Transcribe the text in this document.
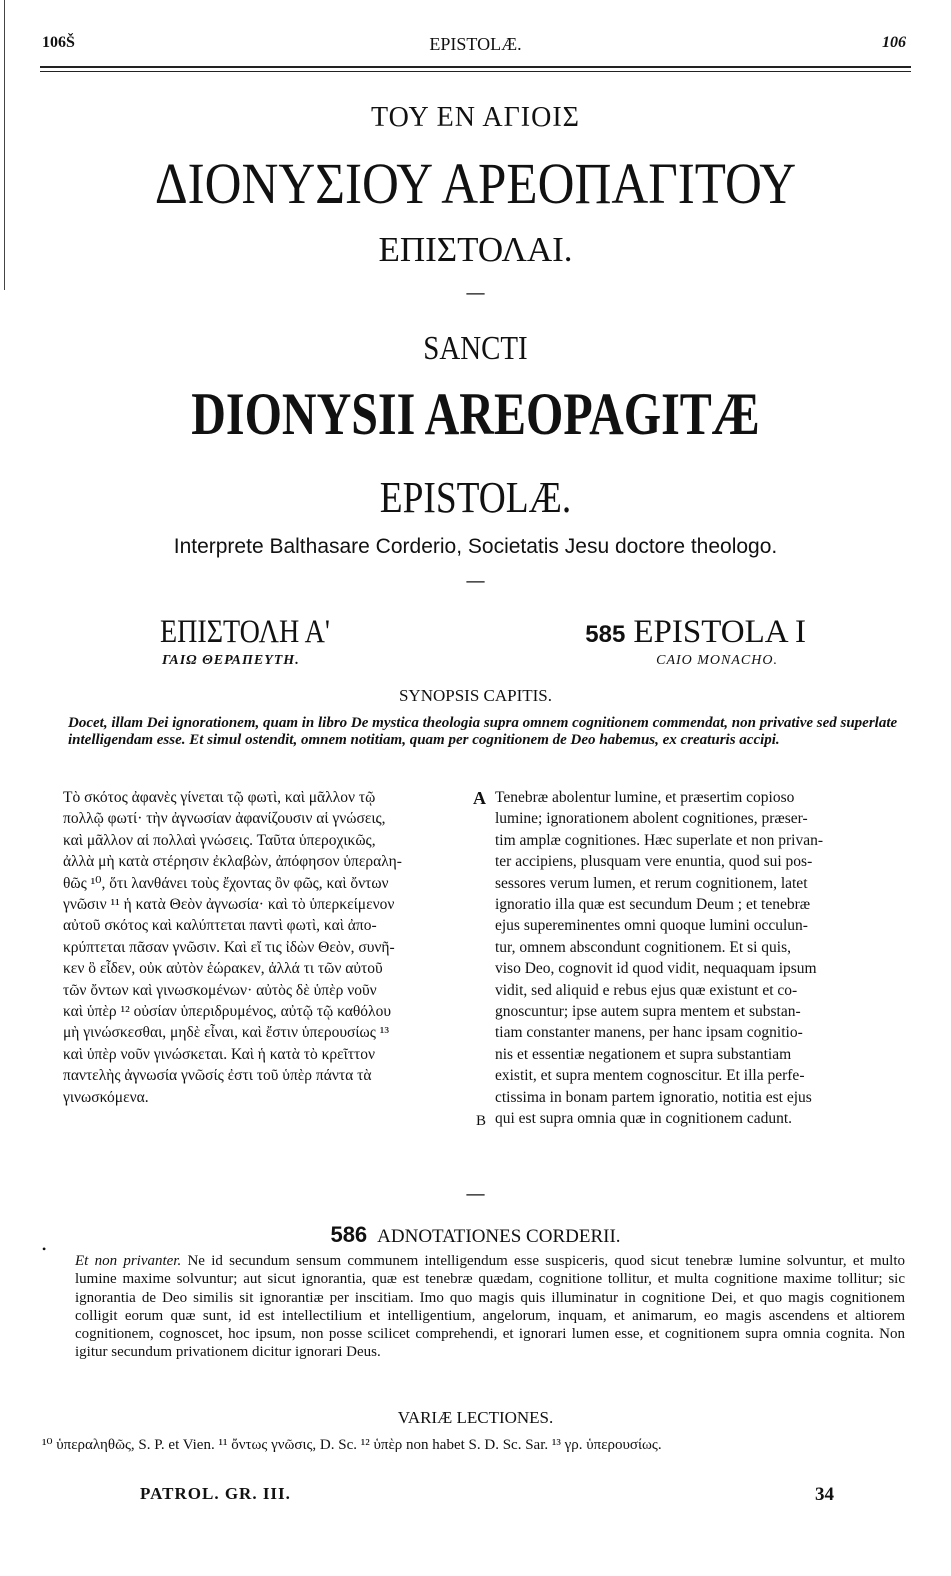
106Š	EPISTOLÆ.	106
ΤΟΥ ΕΝ ΑΓΙΟΙΣ
ΔΙΟΝΥΣΙΟΥ ΑΡΕΟΠΑΓΙΤΟΥ
ΕΠΙΣΤΟΛΑΙ.
—
SANCTI
DIONYSII AREOPAGITÆ
EPISTOLÆ.
Interprete Balthasare Corderio, Societatis Jesu doctore theologo.
—
ΕΠΙΣΤΟΛΗ Α'
ΓΑΙΩ ΘΕΡΑΠΕΥΤΗ.
585 EPISTOLA I
CAIO MONACHO.
SYNOPSIS CAPITIS.
Docet, illam Dei ignorationem, quam in libro De mystica theologia supra omnem cognitionem commendat, non privative sed superlate intelligendam esse. Et simul ostendit, omnem notitiam, quam per cognitionem de Deo habemus, ex creaturis accipi.
Τὸ σκότος ἀφανὲς γίνεται τῷ φωτὶ, καὶ μᾶλλον τῷ
πολλῷ φωτί· τὴν ἀγνωσίαν ἀφανίζουσιν αἱ γνώσεις,
καὶ μᾶλλον αἱ πολλαὶ γνώσεις. Ταῦτα ὑπεροχικῶς,
ἀλλὰ μὴ κατὰ στέρησιν ἐκλαβὼν, ἀπόφησον ὑπεραλη-
θῶς ¹⁰, ὅτι λανθάνει τοὺς ἔχοντας ὂν φῶς, καὶ ὄντων
γνῶσιν ¹¹ ἡ κατὰ Θεὸν ἀγνωσία· καὶ τὸ ὑπερκείμενον
αὐτοῦ σκότος καὶ καλύπτεται παντὶ φωτὶ, καὶ ἀπο-
κρύπτεται πᾶσαν γνῶσιν. Καὶ εἴ τις ἰδὼν Θεὸν, συνῆ-
κεν ὃ εἶδεν, οὐκ αὐτὸν ἑώρακεν, ἀλλά τι τῶν αὐτοῦ
τῶν ὄντων καὶ γινωσκομένων· αὐτὸς δὲ ὑπὲρ νοῦν
καὶ ὑπὲρ ¹² οὐσίαν ὑπεριδρυμένος, αὐτῷ τῷ καθόλου
μὴ γινώσκεσθαι, μηδὲ εἶναι, καὶ ἔστιν ὑπερουσίως ¹³
καὶ ὑπὲρ νοῦν γινώσκεται. Καὶ ἡ κατὰ τὸ κρεῖττον
παντελὴς ἀγνωσία γνῶσίς ἐστι τοῦ ὑπὲρ πάντα τὰ
γινωσκόμενα.
A
B
Tenebræ abolentur lumine, et præsertim copioso
lumine; ignorationem abolent cognitiones, præser-
tim amplæ cognitiones. Hæc superlate et non privan-
ter accipiens, plusquam vere enuntia, quod sui pos-
sessores verum lumen, et rerum cognitionem, latet
ignoratio illa quæ est secundum Deum ; et tenebræ
ejus supereminentes omni quoque lumini occulun-
tur, omnem abscondunt cognitionem. Et si quis,
viso Deo, cognovit id quod vidit, nequaquam ipsum
vidit, sed aliquid e rebus ejus quæ existunt et co-
gnoscuntur; ipse autem supra mentem et substan-
tiam constanter manens, per hanc ipsam cognitio-
nis et essentiæ negationem et supra substantiam
existit, et supra mentem cognoscitur. Et illa perfe-
ctissima in bonam partem ignoratio, notitia est ejus
qui est supra omnia quæ in cognitionem cadunt.
—
•
586 ADNOTATIONES CORDERII.
Et non privanter. Ne id secundum sensum communem intelligendum esse suspiceris, quod sicut tenebræ lumine solvuntur, et multo lumine maxime solvuntur; aut sicut ignorantia, quæ est tenebræ quædam, cognitione tollitur, et multa cognitione maxime tollitur; sic ignorantia de Deo similis sit ignorantiæ per inscitiam. Imo quo magis quis illuminatur in cognitione Dei, et quo magis cognitionem colligit eorum quæ sunt, id est intellectilium et intelligentium, angelorum, inquam, et animarum, eo magis ascendens et altiorem cognitionem, cognoscet, hoc ipsum, non posse scilicet comprehendi, et ignorari lumen esse, et cognitionem supra omnia cognita. Non igitur secundum privationem dicitur ignorari Deus.
VARIÆ LECTIONES.
¹⁰ ὑπεραληθῶς, S. P. et Vien. ¹¹ ὄντως γνῶσις, D. Sc. ¹² ὑπὲρ non habet S. D. Sc. Sar. ¹³ γρ. ὑπερουσίως.
PATROL. GR. III.	34
